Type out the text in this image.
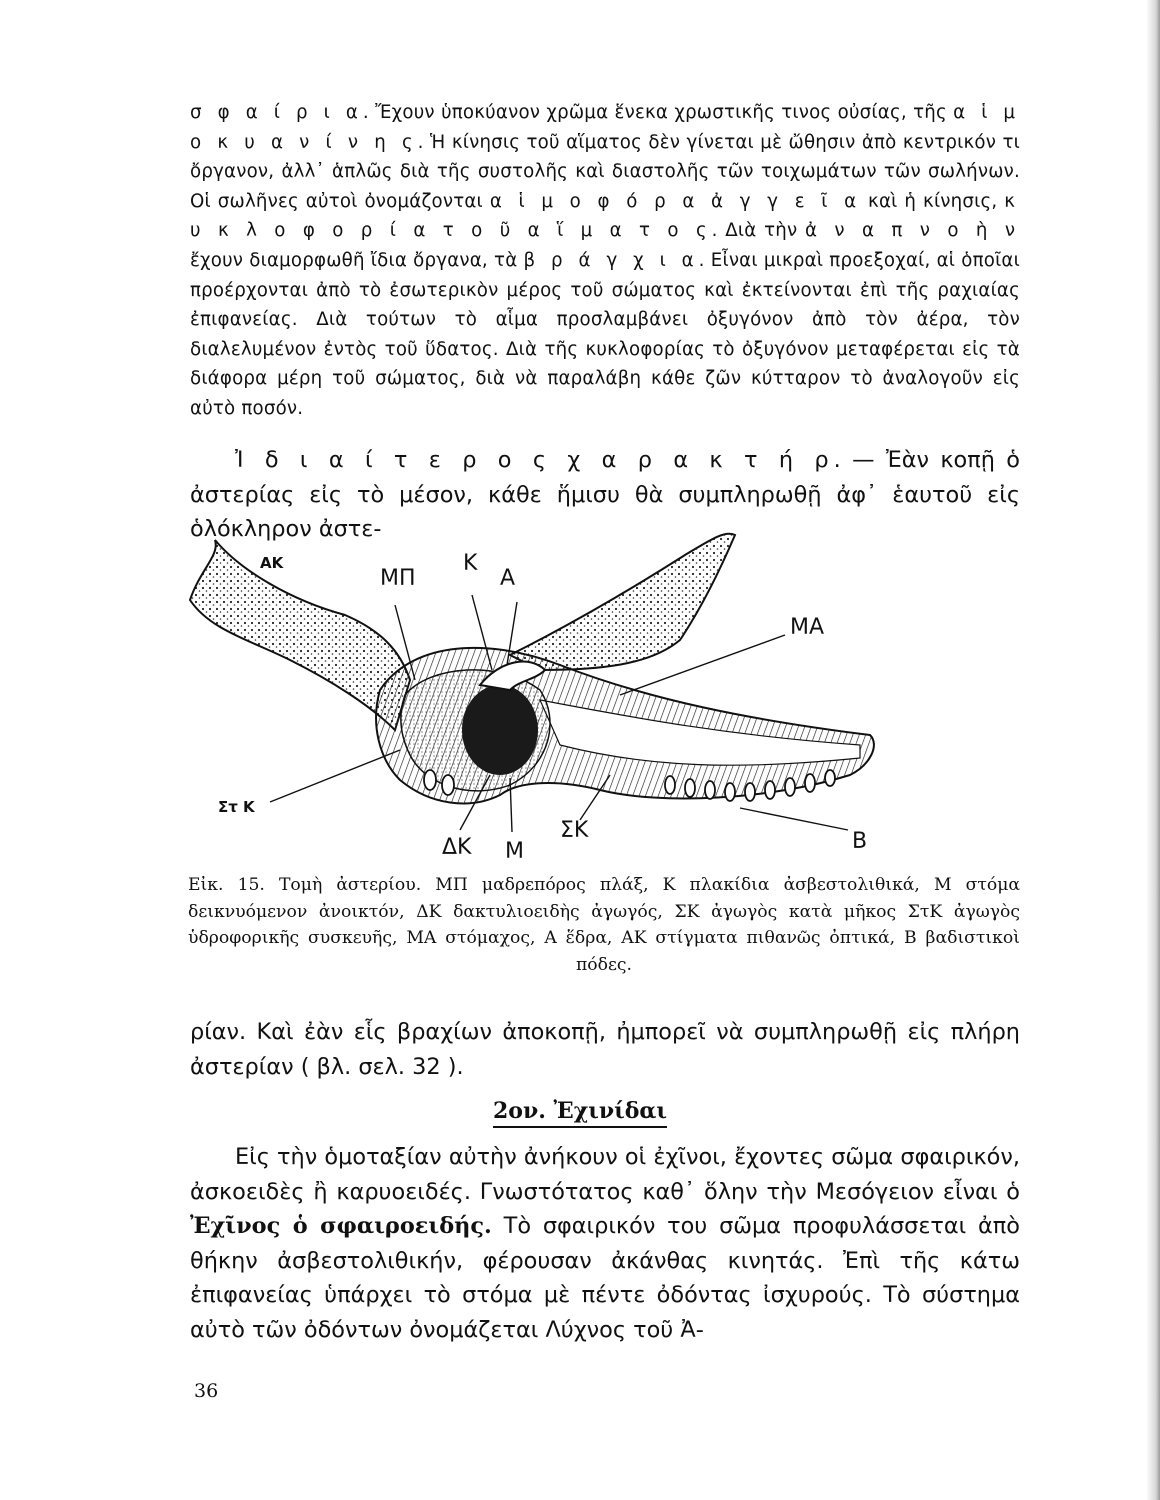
σ φ α ί ρ ι α. Ἔχουν ὑποκύανον χρῶμα ἕνεκα χρωστικῆς τινος οὐσίας, τῆς α ἱ μ ο κ υ α ν ί ν η ς. Ἡ κίνησις τοῦ αἵματος δὲν γίνεται μὲ ὤθησιν ἀπὸ κεντρικόν τι ὄργανον, ἀλλ᾽ ἁπλῶς διὰ τῆς συστολῆς καὶ διαστολῆς τῶν τοιχωμάτων τῶν σωλήνων. Οἱ σωλῆνες αὐτοὶ ὀνομάζονται α ἱ μ ο φ ό ρ α ἀ γ γ ε ῖ α καὶ ἡ κίνησις, κ υ κ λ ο φ ο ρ ί α τ ο ῦ α ἵ μ α τ ο ς. Διὰ τὴν ἀ ν α π ν ο ὴ ν ἔχουν διαμορφωθῆ ἴδια ὄργανα, τὰ β ρ ά γ χ ι α. Εἶναι μικραὶ προεξοχαί, αἱ ὁποῖαι προέρχονται ἀπὸ τὸ ἐσωτερικὸν μέρος τοῦ σώματος καὶ ἐκτείνονται ἐπὶ τῆς ραχιαίας ἐπιφανείας. Διὰ τούτων τὸ αἷμα προσλαμβάνει ὀξυγόνον ἀπὸ τὸν ἀέρα, τὸν διαλελυμένον ἐντὸς τοῦ ὕδατος. Διὰ τῆς κυκλοφορίας τὸ ὀξυγόνον μεταφέρεται εἰς τὰ διάφορα μέρη τοῦ σώματος, διὰ νὰ παραλάβη κάθε ζῶν κύτταρον τὸ ἀναλογοῦν εἰς αὐτὸ ποσόν.

Ἰ δ ι α ί τ ε ρ ο ς χ α ρ α κ τ ή ρ. — Ἐὰν κοπῇ ὁ ἀστερίας εἰς τὸ μέσον, κάθε ἥμισυ θὰ συμπληρωθῇ ἀφ᾽ ἑαυτοῦ εἰς ὁλόκληρον ἀστε-

ΑΚ
ΜΠ
Κ
Α
ΜΑ
Στ Κ
ΔΚ Μ
ΣΚ	Β
Εἰκ. 15. Τομὴ ἀστερίου. ΜΠ μαδρεπόρος πλάξ, Κ πλακίδια ἀσβεστολιθικά, Μ στόμα δεικνυόμενον ἀνοικτόν, ΔΚ δακτυλιοειδὴς ἀγωγός, ΣΚ ἀγωγὸς κατὰ μῆκος ΣτΚ ἀγωγὸς ὑδροφορικῆς συσκευῆς, ΜΑ στόμαχος, Α ἕδρα, ΑΚ στίγματα πιθανῶς ὀπτικά, Β βαδιστικοὶ πόδες.

ρίαν. Καὶ ἐὰν εἷς βραχίων ἀποκοπῇ, ἠμπορεῖ νὰ συμπληρωθῇ εἰς πλήρη ἀστερίαν ( βλ. σελ. 32 ).

2ον. Ἐχινίδαι

Εἰς τὴν ὁμοταξίαν αὐτὴν ἀνήκουν οἱ ἐχῖνοι, ἔχοντες σῶμα σφαιρικόν, ἀσκοειδὲς ἢ καρυοειδές. Γνωστότατος καθ᾽ ὅλην τὴν Μεσόγειον εἶναι ὁ Ἐχῖνος ὁ σφαιροειδής. Τὸ σφαιρικόν του σῶμα προφυλάσσεται ἀπὸ θήκην ἀσβεστολιθικήν, φέρουσαν ἀκάνθας κινητάς. Ἐπὶ τῆς κάτω ἐπιφανείας ὑπάρχει τὸ στόμα μὲ πέντε ὀδόντας ἰσχυρούς. Τὸ σύστημα αὐτὸ τῶν ὀδόντων ὀνομάζεται Λύχνος τοῦ Ἀ-

36
